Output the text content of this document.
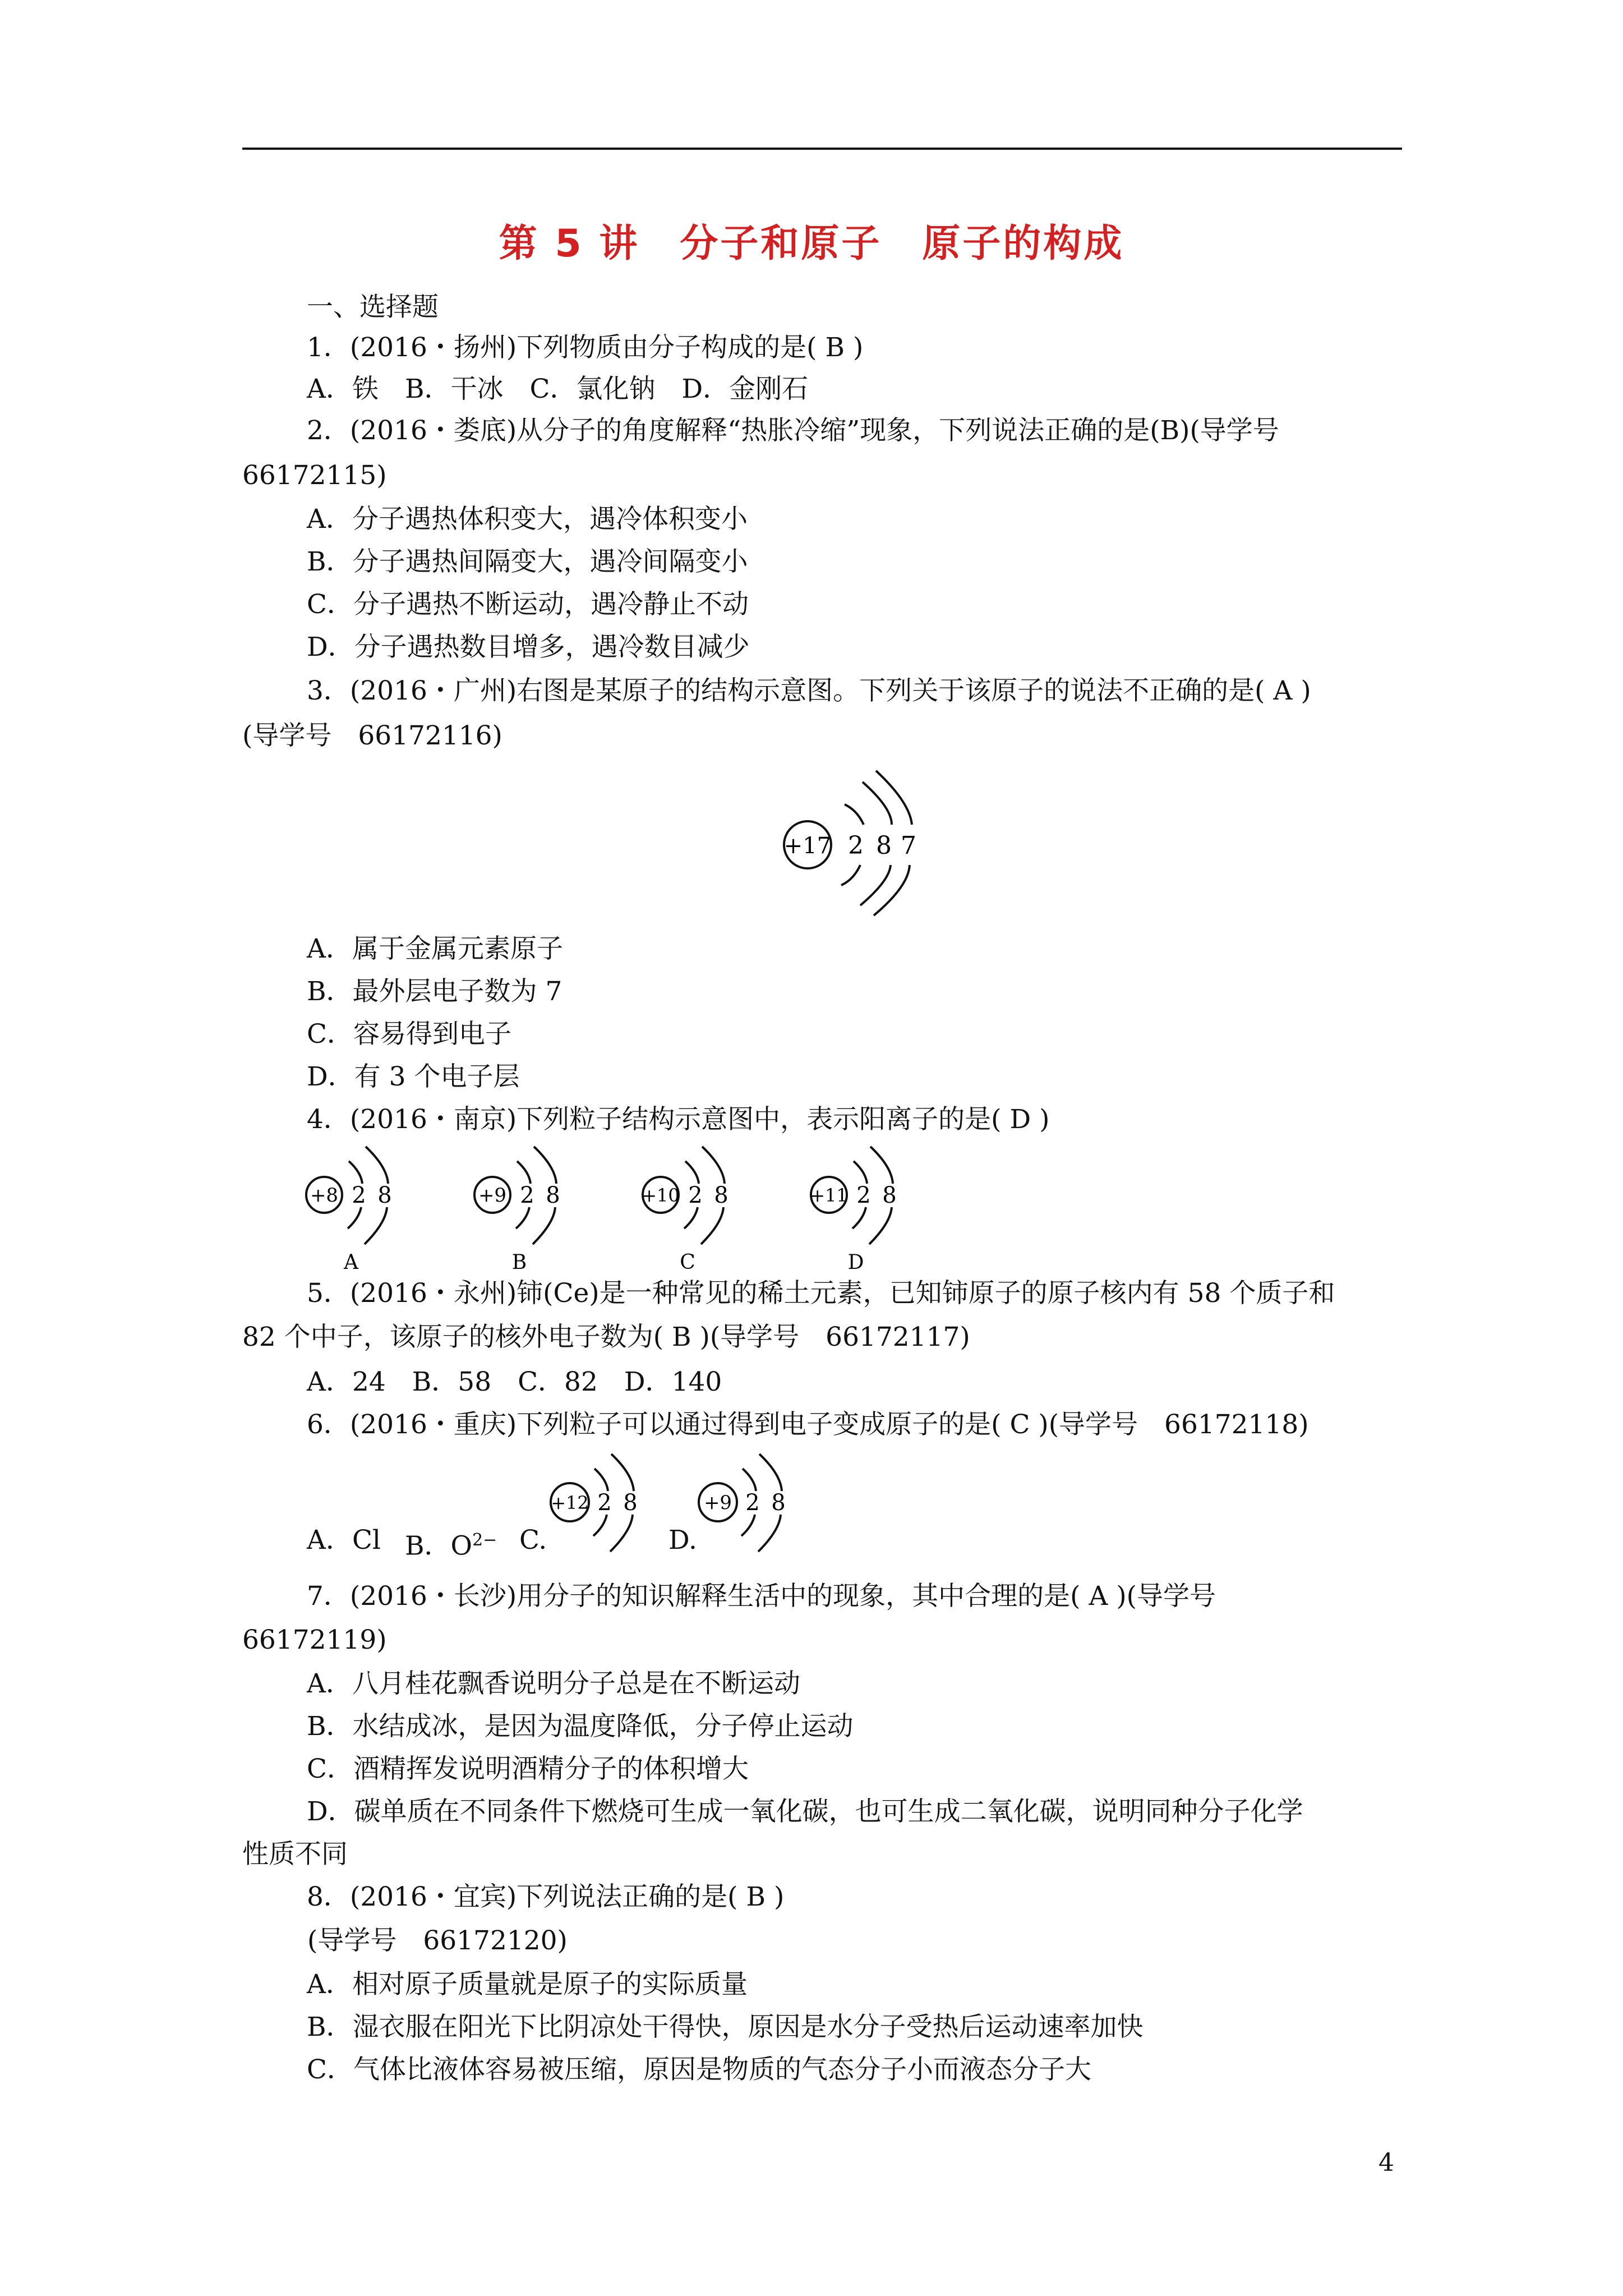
第 5 讲　分子和原子　原子的构成
一、选择题
1．(2016・扬州)下列物质由分子构成的是( B )
A．铁　B．干冰　C．氯化钠　D．金刚石
2．(2016・娄底)从分子的角度解释“热胀冷缩”现象，下列说法正确的是(B)(导学号
66172115)
A．分子遇热体积变大，遇冷体积变小
B．分子遇热间隔变大，遇冷间隔变小
C．分子遇热不断运动，遇冷静止不动
D．分子遇热数目增多，遇冷数目减少
3．(2016・广州)右图是某原子的结构示意图。下列关于该原子的说法不正确的是( A )
(导学号　66172116)
+17 2 8 7
A．属于金属元素原子
B．最外层电子数为 7
C．容易得到电子
D．有 3 个电子层
4．(2016・南京)下列粒子结构示意图中，表示阳离子的是( D )
+8 2 8
A
+9 2 8
B
+10 2 8
C
+11 2 8
D
5．(2016・永州)铈(Ce)是一种常见的稀土元素，已知铈原子的原子核内有 58 个质子和
82 个中子，该原子的核外电子数为( B )(导学号　66172117)
A．24　B．58　C．82　D．140
6．(2016・重庆)下列粒子可以通过得到电子变成原子的是( C )(导学号　66172118)
+12 2 8	+9 2 8
A．Cl B．$O^{2-}$ C.	D.
7．(2016・长沙)用分子的知识解释生活中的现象，其中合理的是( A )(导学号
66172119)
A．八月桂花飘香说明分子总是在不断运动
B．水结成冰，是因为温度降低，分子停止运动
C．酒精挥发说明酒精分子的体积增大
D．碳单质在不同条件下燃烧可生成一氧化碳，也可生成二氧化碳，说明同种分子化学
性质不同
8．(2016・宜宾)下列说法正确的是( B )
(导学号　66172120)
A．相对原子质量就是原子的实际质量
B．湿衣服在阳光下比阴凉处干得快，原因是水分子受热后运动速率加快
C．气体比液体容易被压缩，原因是物质的气态分子小而液态分子大
4
